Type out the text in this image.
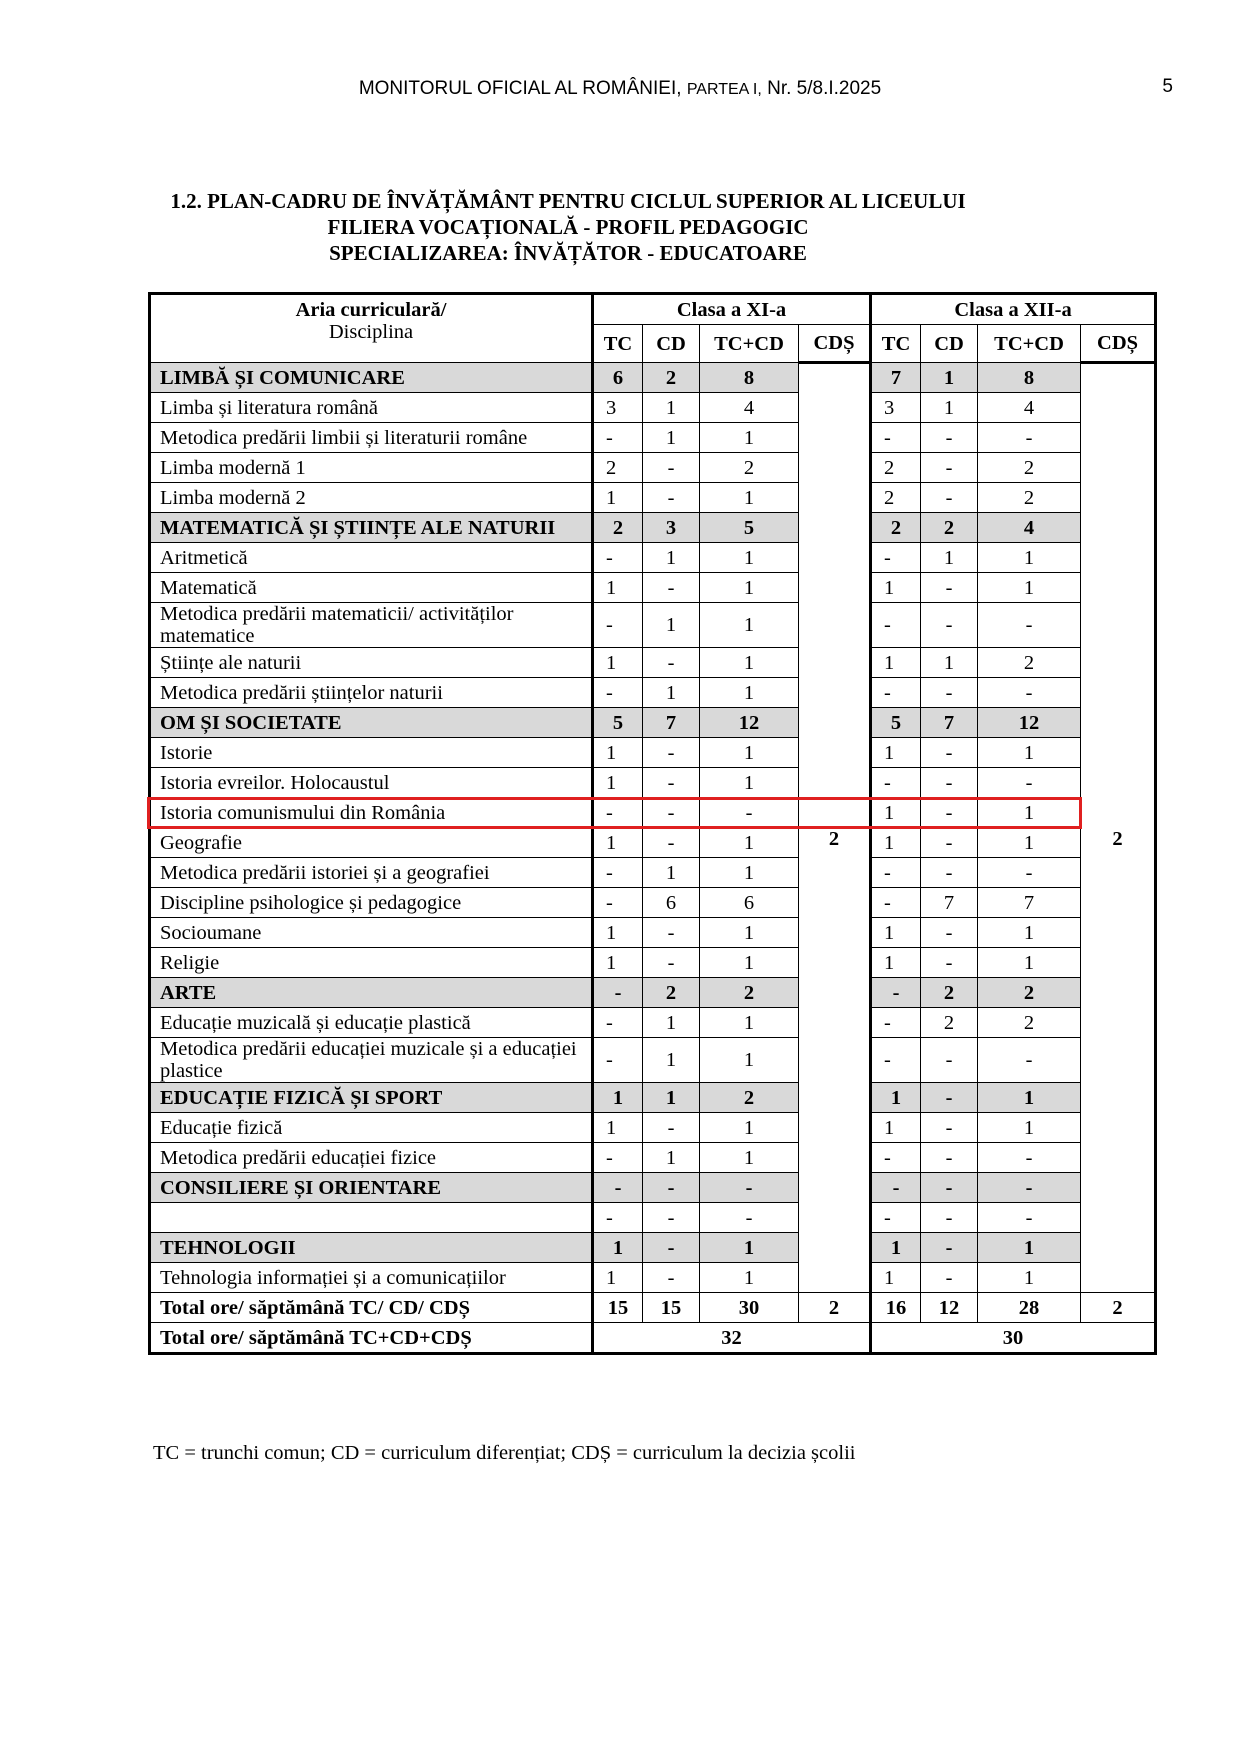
MONITORUL OFICIAL AL ROMÂNIEI, PARTEA I, Nr. 5/8.I.2025	5
1.2. PLAN-CADRU DE ÎNVĂȚĂMÂNT PENTRU CICLUL SUPERIOR AL LICEULUI
FILIERA VOCAȚIONALĂ - PROFIL PEDAGOGIC
SPECIALIZAREA: ÎNVĂȚĂTOR - EDUCATOARE
Aria curriculară/
Disciplina	Clasa a XI-a				Clasa a XII-a			
	TC	CD	TC+CD	CDȘ	TC	CD	TC+CD	CDȘ
LIMBĂ ȘI COMUNICARE	6	2	8	2	7	1	8	2
Limba și literatura română	3	1	4		3	1	4	
Metodica predării limbii și literaturii române	-	1	1		-	-	-	
Limba modernă 1	2	-	2		2	-	2	
Limba modernă 2	1	-	1		2	-	2	
MATEMATICĂ ȘI ȘTIINȚE ALE NATURII	2	3	5		2	2	4	
Aritmetică	-	1	1		-	1	1	
Matematică	1	-	1		1	-	1	
Metodica predării matematicii/ activităților matematice	-	1	1		-	-	-	
Științe ale naturii	1	-	1		1	1	2	
Metodica predării științelor naturii	-	1	1		-	-	-	
OM ȘI SOCIETATE	5	7	12		5	7	12	
Istorie	1	-	1		1	-	1	
Istoria evreilor. Holocaustul	1	-	1		-	-	-	
Istoria comunismului din România	-	-	-		1	-	1	
Geografie	1	-	1		1	-	1	
Metodica predării istoriei și a geografiei	-	1	1		-	-	-	
Discipline psihologice și pedagogice	-	6	6		-	7	7	
Socioumane	1	-	1		1	-	1	
Religie	1	-	1		1	-	1	
ARTE	-	2	2		-	2	2	
Educație muzicală și educație plastică	-	1	1		-	2	2	
Metodica predării educației muzicale și a educației plastice	-	1	1		-	-	-	
EDUCAȚIE FIZICĂ ȘI SPORT	1	1	2		1	-	1	
Educație fizică	1	-	1		1	-	1	
Metodica predării educației fizice	-	1	1		-	-	-	
CONSILIERE ȘI ORIENTARE	-	-	-		-	-	-	
	-	-	-		-	-	-	
TEHNOLOGII	1	-	1		1	-	1	
Tehnologia informației și a comunicațiilor	1	-	1		1	-	1	
Total ore/ săptămână TC/ CD/ CDȘ	15	15	30	2	16	12	28	2
Total ore/ săptămână TC+CD+CDȘ	32				30			
TC = trunchi comun; CD = curriculum diferențiat; CDȘ = curriculum la decizia școlii
